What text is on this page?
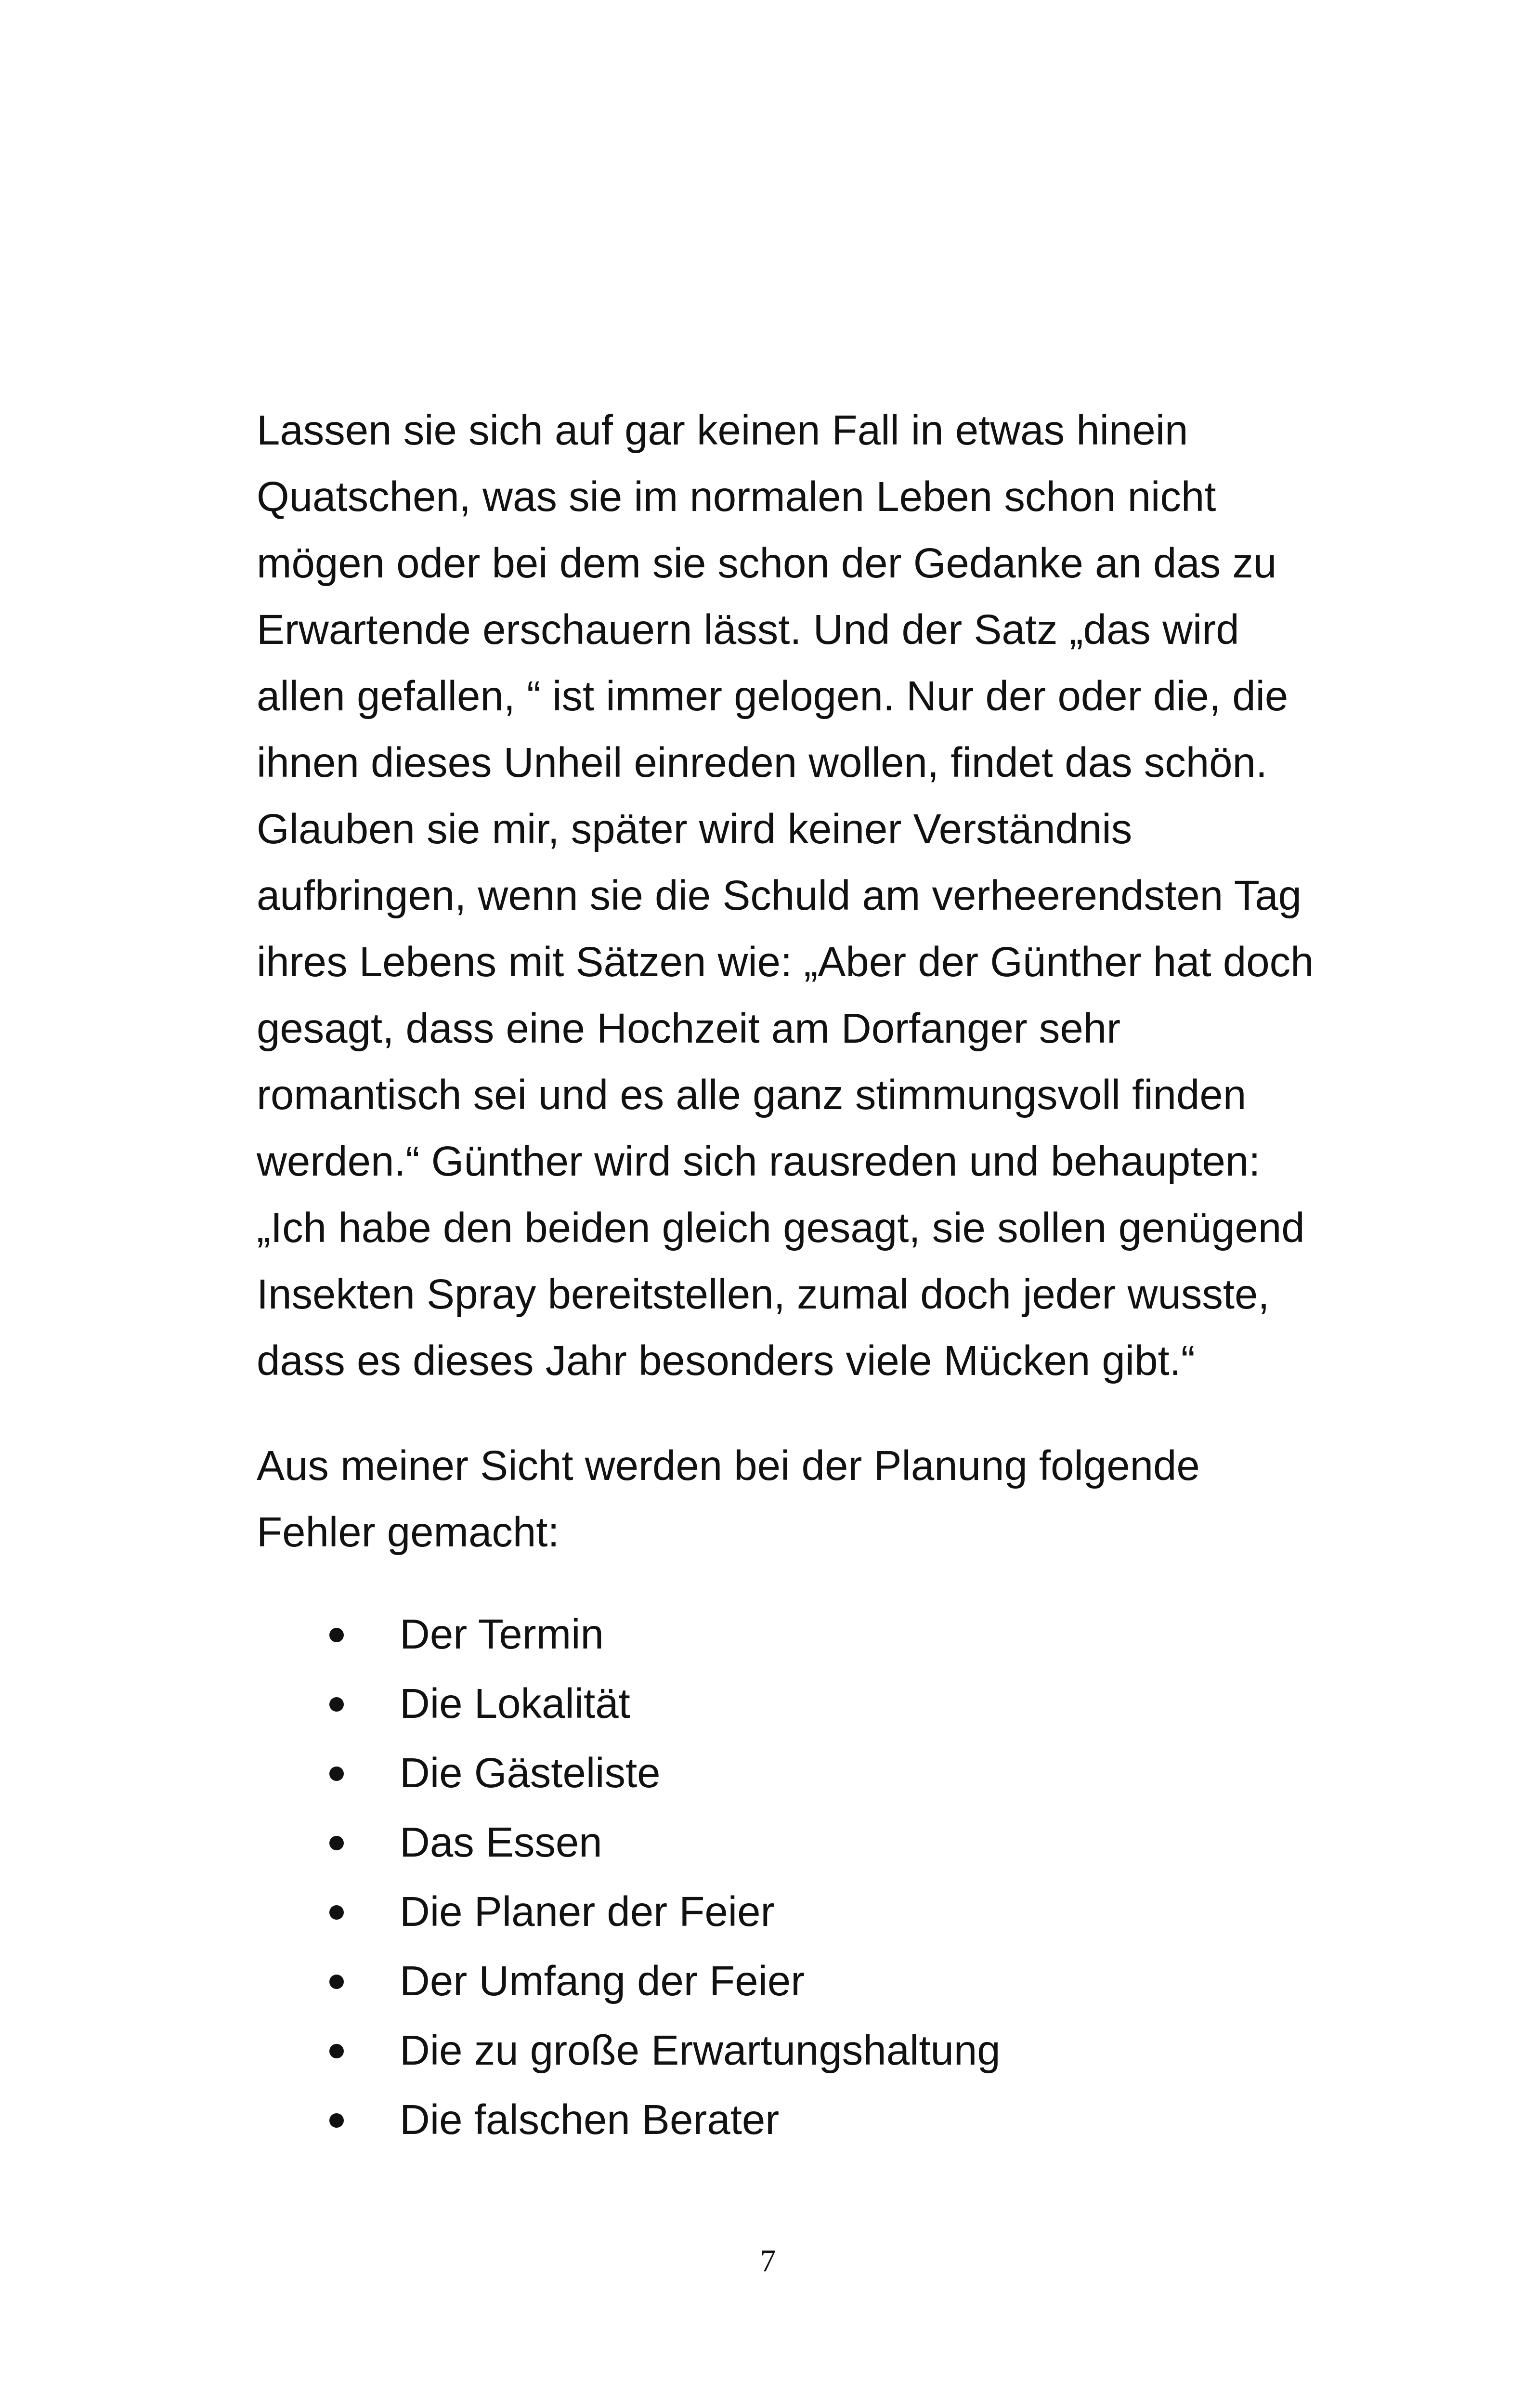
Lassen sie sich auf gar keinen Fall in etwas hinein
Quatschen, was sie im normalen Leben schon nicht
mögen oder bei dem sie schon der Gedanke an das zu
Erwartende erschauern lässt. Und der Satz „das wird
allen gefallen, “ ist immer gelogen. Nur der oder die, die
ihnen dieses Unheil einreden wollen, findet das schön.
Glauben sie mir, später wird keiner Verständnis
aufbringen, wenn sie die Schuld am verheerendsten Tag
ihres Lebens mit Sätzen wie: „Aber der Günther hat doch
gesagt, dass eine Hochzeit am Dorfanger sehr
romantisch sei und es alle ganz stimmungsvoll finden
werden.“ Günther wird sich rausreden und behaupten:
„Ich habe den beiden gleich gesagt, sie sollen genügend
Insekten Spray bereitstellen, zumal doch jeder wusste,
dass es dieses Jahr besonders viele Mücken gibt.“
Aus meiner Sicht werden bei der Planung folgende
Fehler gemacht:
Der Termin
Die Lokalität
Die Gästeliste
Das Essen
Die Planer der Feier
Der Umfang der Feier
Die zu große Erwartungshaltung
Die falschen Berater
7
